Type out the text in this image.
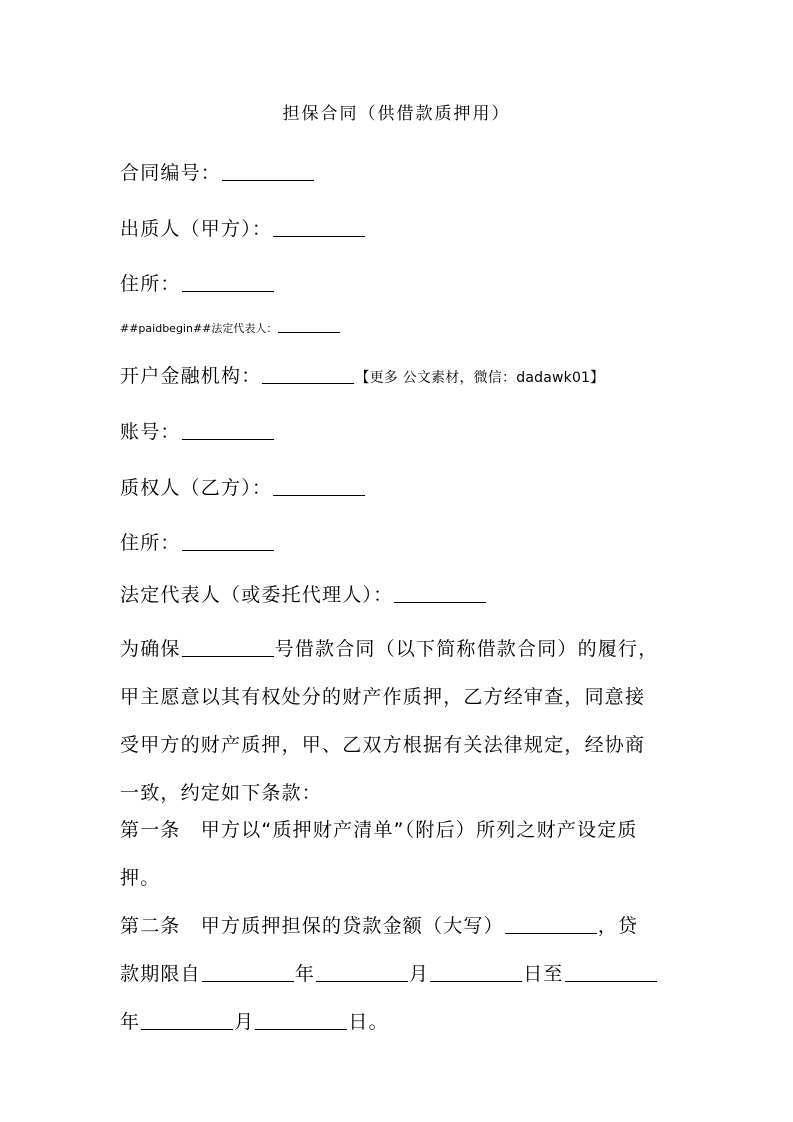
担保合同（供借款质押用）
合同编号：
出质人（甲方）：
住所：
##paidbegin##法定代表人：
开户金融机构：	【更多 公文素材，微信：dadawk01】
账号：
质权人（乙方）：
住所：
法定代表人（或委托代理人）：
为确保	号借款合同（以下简称借款合同）的履行，
甲主愿意以其有权处分的财产作质押，乙方经审查，同意接
受甲方的财产质押，甲、乙双方根据有关法律规定，经协商
一致，约定如下条款：
第一条　甲方以“质押财产清单”（附后）所列之财产设定质
押。
第二条　甲方质押担保的贷款金额（大写）	，贷
款期限自	年	月	日至
年	月	日。
